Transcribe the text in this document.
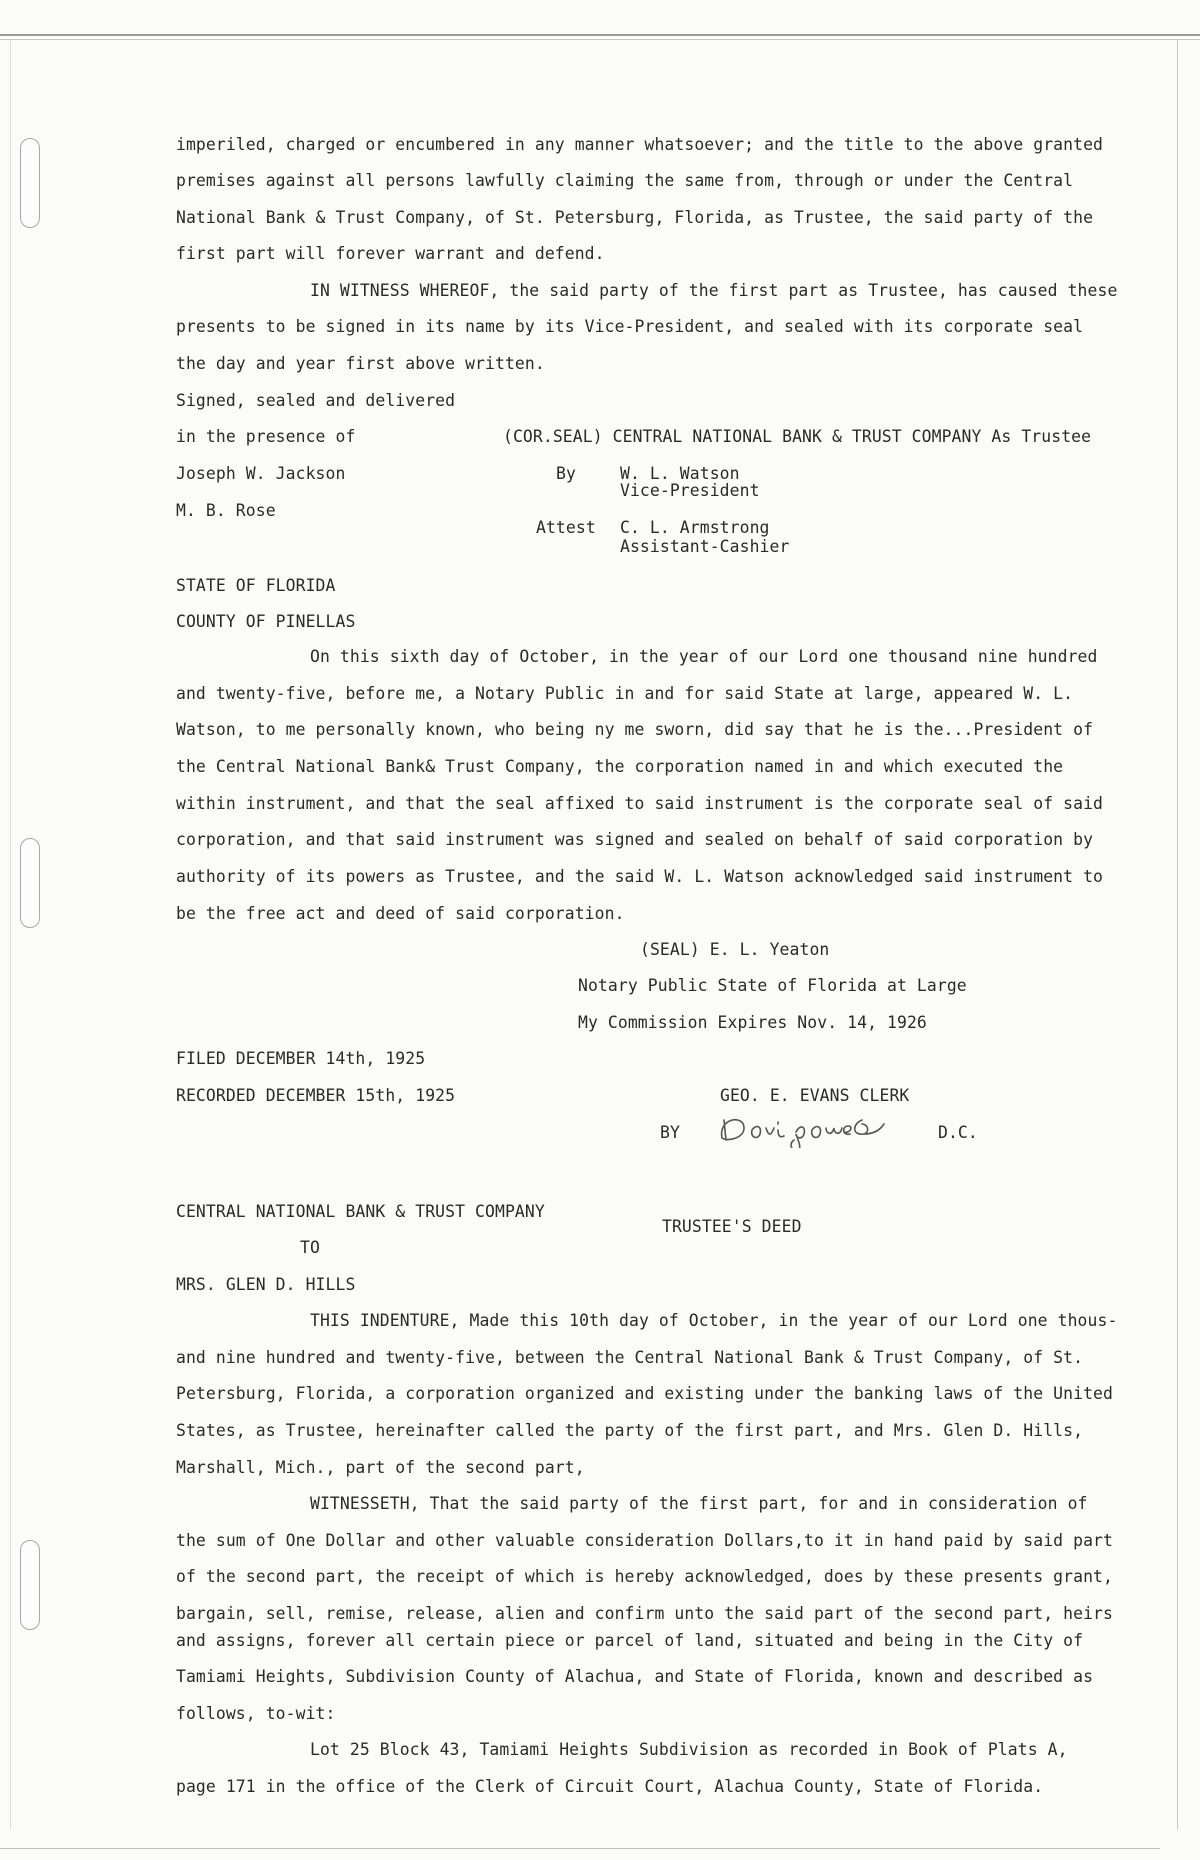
imperiled, charged or encumbered in any manner whatsoever; and the title to the above granted
premises against all persons lawfully claiming the same from, through or under the Central
National Bank & Trust Company, of St. Petersburg, Florida, as Trustee, the said party of the
first part will forever warrant and defend.
IN WITNESS WHEREOF, the said party of the first part as Trustee, has caused these
presents to be signed in its name by its Vice-President, and sealed with its corporate seal
the day and year first above written.
Signed, sealed and delivered
in the presence of	(COR.SEAL) CENTRAL NATIONAL BANK & TRUST COMPANY As Trustee
Joseph W. Jackson	By	W. L. Watson
Vice-President
M. B. Rose
Attest C. L. Armstrong
Assistant-Cashier
STATE OF FLORIDA
COUNTY OF PINELLAS
On this sixth day of October, in the year of our Lord one thousand nine hundred
and twenty-five, before me, a Notary Public in and for said State at large, appeared W. L.
Watson, to me personally known, who being ny me sworn, did say that he is the...President of
the Central National Bank& Trust Company, the corporation named in and which executed the
within instrument, and that the seal affixed to said instrument is the corporate seal of said
corporation, and that said instrument was signed and sealed on behalf of said corporation by
authority of its powers as Trustee, and the said W. L. Watson acknowledged said instrument to
be the free act and deed of said corporation.
(SEAL) E. L. Yeaton
Notary Public State of Florida at Large
My Commission Expires Nov. 14, 1926
FILED DECEMBER 14th, 1925
RECORDED DECEMBER 15th, 1925	GEO. E. EVANS CLERK
BY	D.C.
CENTRAL NATIONAL BANK & TRUST COMPANY
TRUSTEE'S DEED
TO
MRS. GLEN D. HILLS
THIS INDENTURE, Made this 10th day of October, in the year of our Lord one thous-
and nine hundred and twenty-five, between the Central National Bank & Trust Company, of St.
Petersburg, Florida, a corporation organized and existing under the banking laws of the United
States, as Trustee, hereinafter called the party of the first part, and Mrs. Glen D. Hills,
Marshall, Mich., part of the second part,
WITNESSETH, That the said party of the first part, for and in consideration of
the sum of One Dollar and other valuable consideration Dollars,to it in hand paid by said part
of the second part, the receipt of which is hereby acknowledged, does by these presents grant,
bargain, sell, remise, release, alien and confirm unto the said part of the second part, heirs
and assigns, forever all certain piece or parcel of land, situated and being in the City of
Tamiami Heights, Subdivision County of Alachua, and State of Florida, known and described as
follows, to-wit:
Lot 25 Block 43, Tamiami Heights Subdivision as recorded in Book of Plats A,
page 171 in the office of the Clerk of Circuit Court, Alachua County, State of Florida.
